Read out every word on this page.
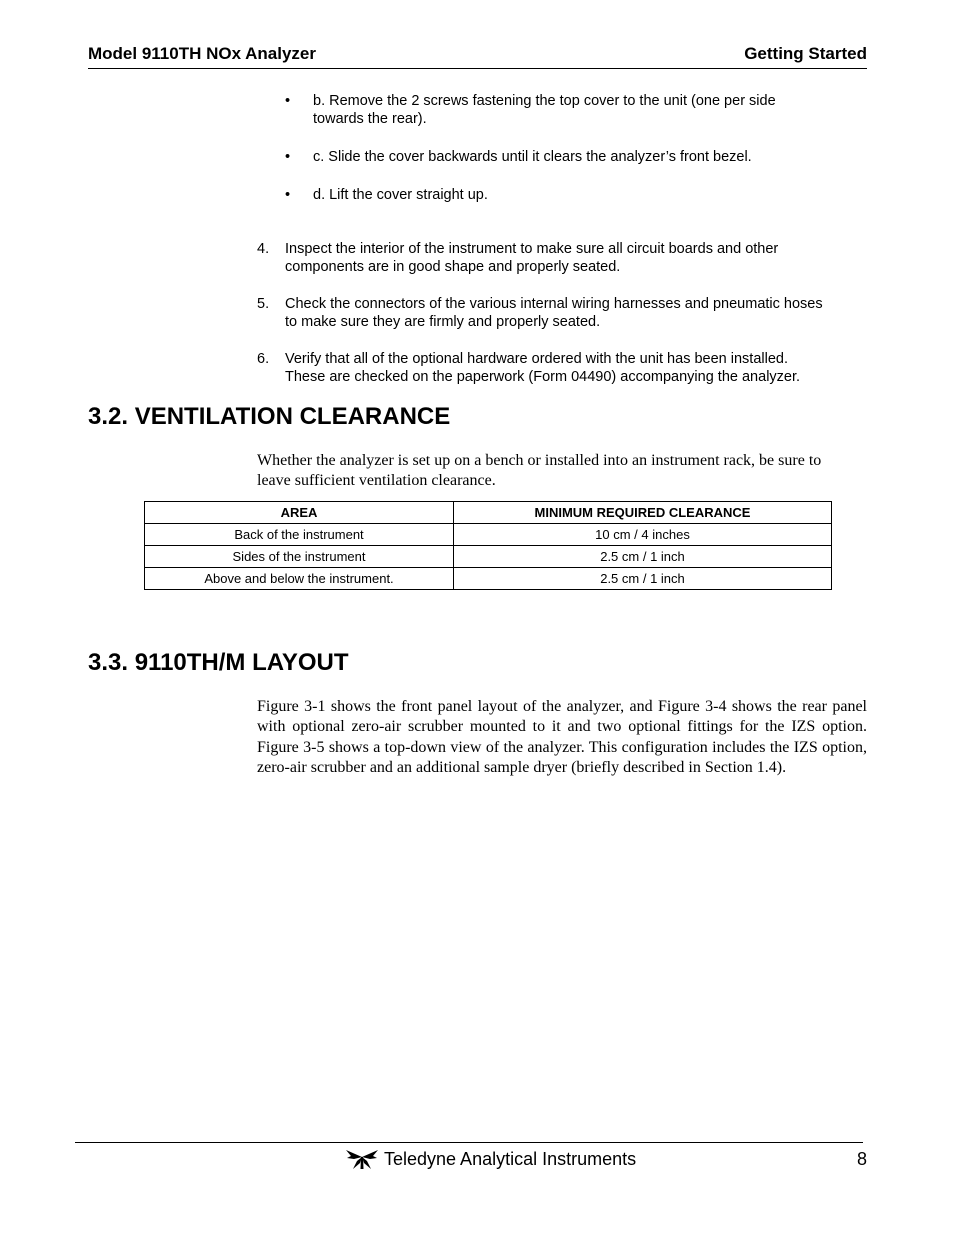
Model 9110TH NOx Analyzer	Getting Started
• b. Remove the 2 screws fastening the top cover to the unit (one per side
towards the rear).
• c. Slide the cover backwards until it clears the analyzer’s front bezel.
• d. Lift the cover straight up.
4. Inspect the interior of the instrument to make sure all circuit boards and other
components are in good shape and properly seated.
5. Check the connectors of the various internal wiring harnesses and pneumatic hoses
to make sure they are firmly and properly seated.
6. Verify that all of the optional hardware ordered with the unit has been installed.
These are checked on the paperwork (Form 04490) accompanying the analyzer.
3.2. VENTILATION CLEARANCE
Whether the analyzer is set up on a bench or installed into an instrument rack, be sure to
leave sufficient ventilation clearance.
AREA	MINIMUM REQUIRED CLEARANCE
Back of the instrument	10 cm / 4 inches
Sides of the instrument	2.5 cm / 1 inch
Above and below the instrument.	2.5 cm / 1 inch
3.3. 9110TH/M LAYOUT

Figure 3-1 shows the front panel layout of the analyzer, and Figure 3-4 shows the rear panel with optional zero-air scrubber mounted to it and two optional fittings for the IZS option. Figure 3-5 shows a top-down view of the analyzer. This configuration includes the IZS option, zero-air scrubber and an additional sample dryer (briefly described in Section 1.4).

Teledyne Analytical Instruments	8
